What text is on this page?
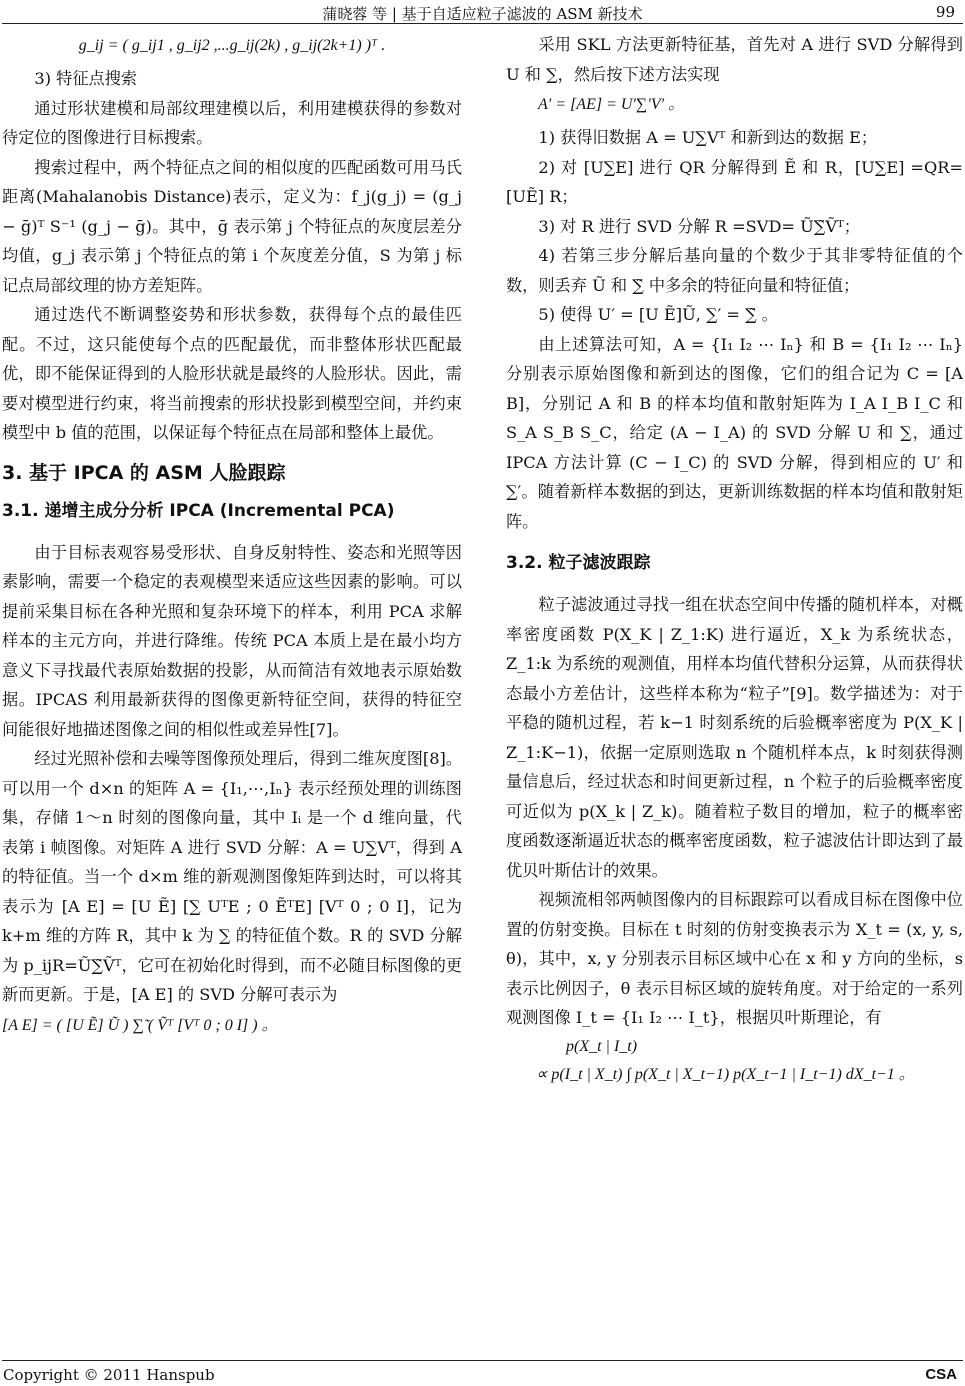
蒲晓蓉 等 | 基于自适应粒子滤波的 ASM 新技术	99
g_ij = ( g_ij1 , g_ij2 ,...g_ij(2k) , g_ij(2k+1) )ᵀ .

3) 特征点搜索

通过形状建模和局部纹理建模以后，利用建模获得的参数对待定位的图像进行目标搜索。

搜索过程中，两个特征点之间的相似度的匹配函数可用马氏距离(Mahalanobis Distance)表示，定义为：f_j(g_j) = (g_j − ḡ)ᵀ S⁻¹ (g_j − ḡ)。其中，ḡ 表示第 j 个特征点的灰度层差分均值，g_j 表示第 j 个特征点的第 i 个灰度差分值，S 为第 j 标记点局部纹理的协方差矩阵。

通过迭代不断调整姿势和形状参数，获得每个点的最佳匹配。不过，这只能使每个点的匹配最优，而非整体形状匹配最优，即不能保证得到的人脸形状就是最终的人脸形状。因此，需要对模型进行约束，将当前搜索的形状投影到模型空间，并约束模型中 b 值的范围，以保证每个特征点在局部和整体上最优。

3. 基于 IPCA 的 ASM 人脸跟踪
3.1. 递增主成分分析 IPCA (Incremental PCA)

由于目标表观容易受形状、自身反射特性、姿态和光照等因素影响，需要一个稳定的表观模型来适应这些因素的影响。可以提前采集目标在各种光照和复杂环境下的样本，利用 PCA 求解样本的主元方向，并进行降维。传统 PCA 本质上是在最小均方意义下寻找最代表原始数据的投影，从而简洁有效地表示原始数据。IPCAS 利用最新获得的图像更新特征空间，获得的特征空间能很好地描述图像之间的相似性或差异性[7]。

经过光照补偿和去噪等图像预处理后，得到二维灰度图[8]。可以用一个 d×n 的矩阵 A = {I₁,⋯,Iₙ} 表示经预处理的训练图集，存储 1～n 时刻的图像向量，其中 Iᵢ 是一个 d 维向量，代表第 i 帧图像。对矩阵 A 进行 SVD 分解：A = U∑Vᵀ，得到 A 的特征值。当一个 d×m 维的新观测图像矩阵到达时，可以将其表示为 [A E] = [U Ẽ] [∑ UᵀE ; 0 ẼᵀE] [Vᵀ 0 ; 0 I]，记为 k+m 维的方阵 R，其中 k 为 ∑ 的特征值个数。R 的 SVD 分解为 p_ijR=Ũ∑̃Ṽᵀ，它可在初始化时得到，而不必随目标图像的更新而更新。于是，[A E] 的 SVD 分解可表示为

[A E] = ( [U Ẽ] Ũ ) ∑̃ ( Ṽᵀ [Vᵀ 0 ; 0 I] ) 。

采用 SKL 方法更新特征基，首先对 A 进行 SVD 分解得到 U 和 ∑，然后按下述方法实现

A′ = [AE] = U′∑′V′ 。

1) 获得旧数据 A = U∑Vᵀ 和新到达的数据 E；

2) 对 [U∑E] 进行 QR 分解得到 Ẽ 和 R，[U∑E] =QR= [UẼ] R；

3) 对 R 进行 SVD 分解 R =SVD= Ũ∑̃Ṽᵀ；

4) 若第三步分解后基向量的个数少于其非零特征值的个数，则丢弃 Ũ 和 ∑̃ 中多余的特征向量和特征值；

5) 使得 U′ = [U Ẽ]Ũ, ∑′ = ∑̃ 。

由上述算法可知，A = {I₁ I₂ ⋯ Iₙ} 和 B = {I₁ I₂ ⋯ Iₙ} 分别表示原始图像和新到达的图像，它们的组合记为 C = [A B]，分别记 A 和 B 的样本均值和散射矩阵为 I_A I_B I_C 和 S_A S_B S_C，给定 (A − I_A) 的 SVD 分解 U 和 ∑，通过 IPCA 方法计算 (C − I_C) 的 SVD 分解，得到相应的 U′ 和 ∑′。随着新样本数据的到达，更新训练数据的样本均值和散射矩阵。

3.2. 粒子滤波跟踪

粒子滤波通过寻找一组在状态空间中传播的随机样本，对概率密度函数 P(X_K | Z_1:K) 进行逼近，X_k 为系统状态，Z_1:k 为系统的观测值，用样本均值代替积分运算，从而获得状态最小方差估计，这些样本称为“粒子”[9]。数学描述为：对于平稳的随机过程，若 k−1 时刻系统的后验概率密度为 P(X_K | Z_1:K−1)，依据一定原则选取 n 个随机样本点，k 时刻获得测量信息后，经过状态和时间更新过程，n 个粒子的后验概率密度可近似为 p(X_k | Z_k)。随着粒子数目的增加，粒子的概率密度函数逐渐逼近状态的概率密度函数，粒子滤波估计即达到了最优贝叶斯估计的效果。

视频流相邻两帧图像内的目标跟踪可以看成目标在图像中位置的仿射变换。目标在 t 时刻的仿射变换表示为 X_t = (x, y, s, θ)，其中，x, y 分别表示目标区域中心在 x 和 y 方向的坐标，s 表示比例因子，θ 表示目标区域的旋转角度。对于给定的一系列观测图像 I_t = {I₁ I₂ ⋯ I_t}，根据贝叶斯理论，有

p(X_t | I_t)
∝ p(I_t | X_t) ∫ p(X_t | X_t−1) p(X_t−1 | I_t−1) dX_t−1 。
Copyright © 2011 Hanspub	CSA
